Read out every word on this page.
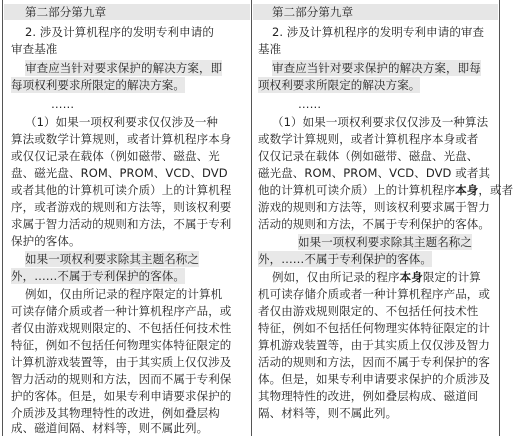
第二部分第九章
2. 涉及计算机程序的发明专利申请的
审查基准
审查应当针对要求保护的解决方案，即
每项权利要求所限定的解决方案。
……
（1）如果一项权利要求仅仅涉及一种
算法或数学计算规则，或者计算机程序本身
或仅仅记录在载体（例如磁带、磁盘、光
盘、磁光盘、ROM、PROM、VCD、DVD
或者其他的计算机可读介质）上的计算机程
序，或者游戏的规则和方法等，则该权利要
求属于智力活动的规则和方法，不属于专利
保护的客体。
如果一项权利要求除其主题名称之
外，……不属于专利保护的客体。
例如，仅由所记录的程序限定的计算机
可读存储介质或者一种计算机程序产品，或
者仅由游戏规则限定的、不包括任何技术性
特征，例如不包括任何物理实体特征限定的
计算机游戏装置等，由于其实质上仅仅涉及
智力活动的规则和方法，因而不属于专利保
护的客体。但是，如果专利申请要求保护的
介质涉及其物理特性的改进，例如叠层构
成、磁道间隔、材料等，则不属此列。
第二部分第九章
2. 涉及计算机程序的发明专利申请的审查
基准
审查应当针对要求保护的解决方案，即每
项权利要求所限定的解决方案。
……
（1）如果一项权利要求仅仅涉及一种算法
或数学计算规则，或者计算机程序本身或者
仅仅记录在载体（例如磁带、磁盘、光盘、
磁光盘、ROM、PROM、VCD、DVD 或者其
他的计算机可读介质）上的计算机程序本身，或者
游戏的规则和方法等，则该权利要求属于智力
活动的规则和方法，不属于专利保护的客体。
如果一项权利要求除其主题名称之
外，……不属于专利保护的客体。
例如，仅由所记录的程序本身限定的计算
机可读存储介质或者一种计算机程序产品，或
者仅由游戏规则限定的、不包括任何技术性
特征，例如不包括任何物理实体特征限定的计
算机游戏装置等，由于其实质上仅仅涉及智力
活动的规则和方法，因而不属于专利保护的客
体。但是，如果专利申请要求保护的介质涉及
其物理特性的改进，例如叠层构成、磁道间
隔、材料等，则不属此列。
